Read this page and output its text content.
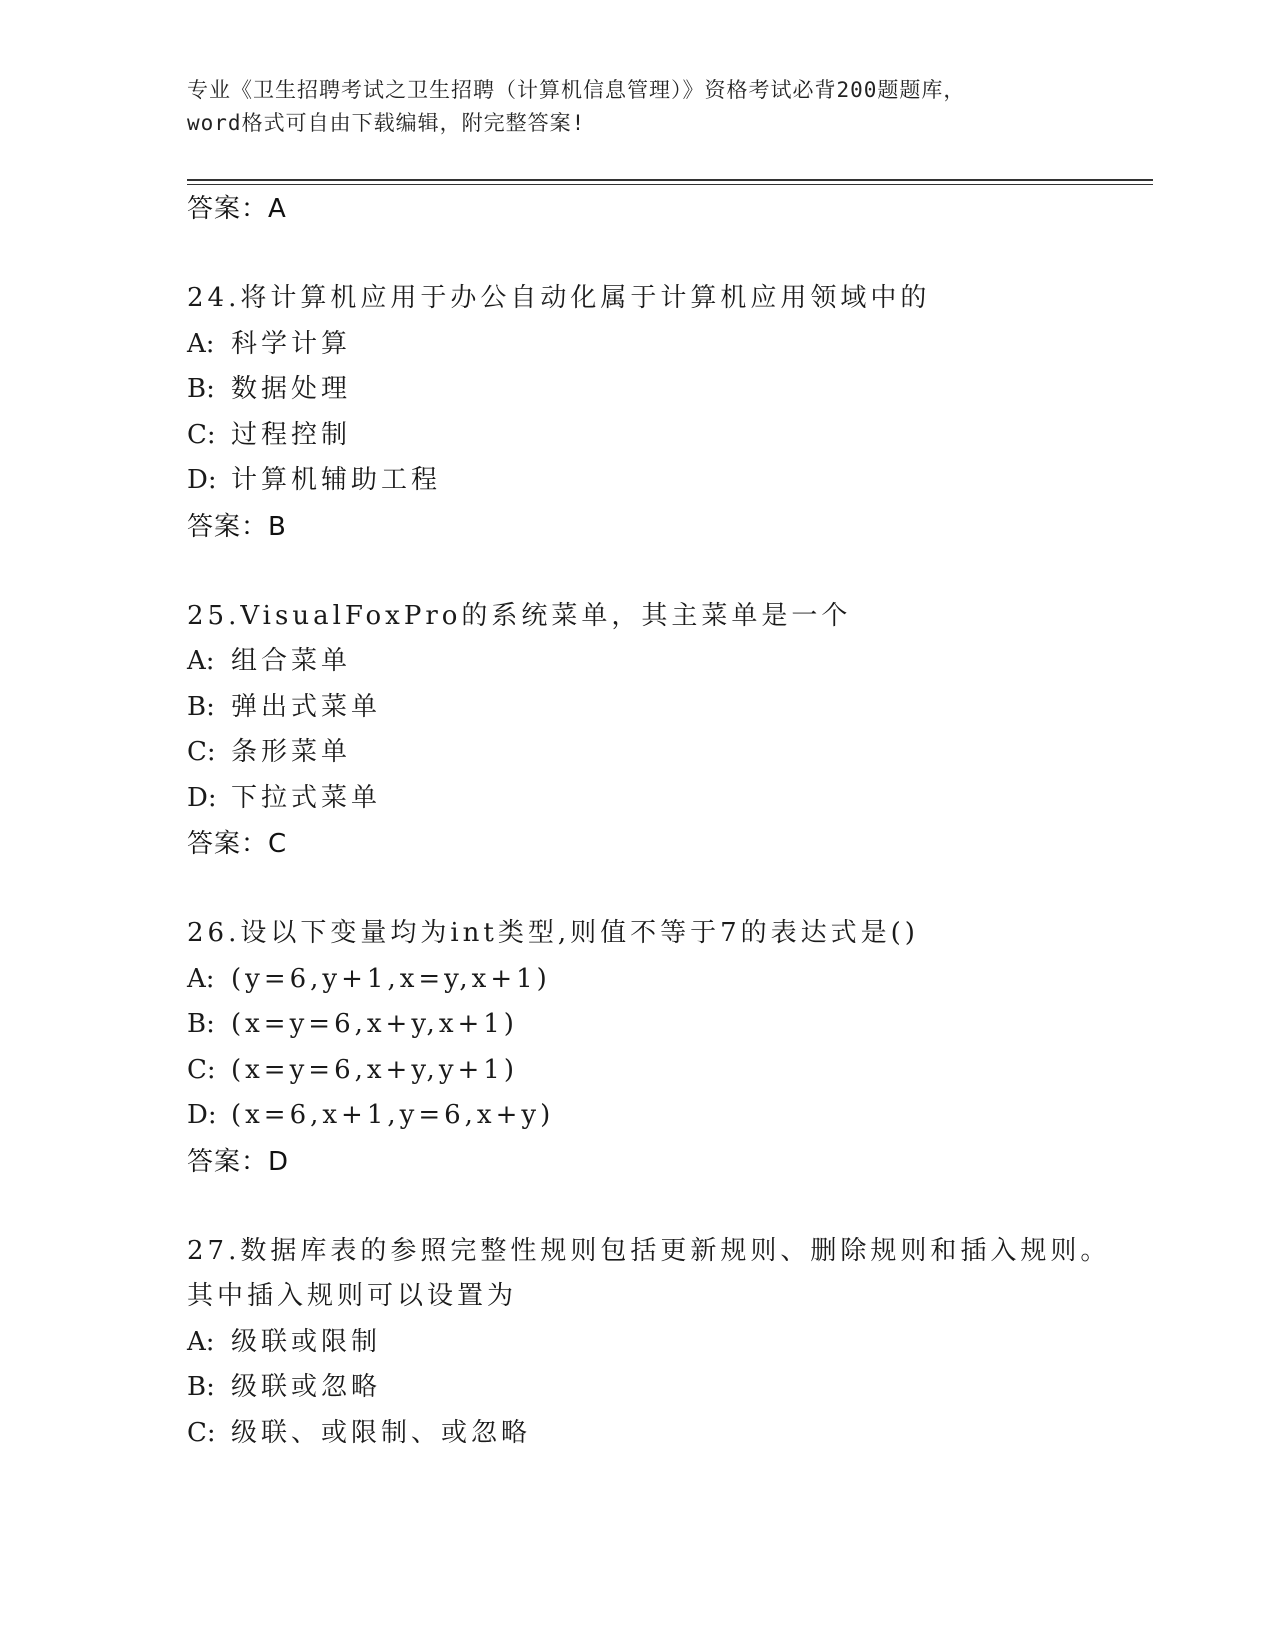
专业《卫生招聘考试之卫生招聘（计算机信息管理）》资格考试必背200题题库，
word格式可自由下载编辑，附完整答案!
答案：A
24.将计算机应用于办公自动化属于计算机应用领域中的
A: 科学计算
B: 数据处理
C: 过程控制
D: 计算机辅助工程
答案：B
25.VisualFoxPro的系统菜单，其主菜单是一个
A: 组合菜单
B: 弹出式菜单
C: 条形菜单
D: 下拉式菜单
答案：C
26.设以下变量均为int类型,则值不等于7的表达式是()
A: (y=6,y+1,x=y,x+1)
B: (x=y=6,x+y,x+1)
C: (x=y=6,x+y,y+1)
D: (x=6,x+1,y=6,x+y)
答案：D
27.数据库表的参照完整性规则包括更新规则、删除规则和插入规则。
其中插入规则可以设置为
A: 级联或限制
B: 级联或忽略
C: 级联、或限制、或忽略
